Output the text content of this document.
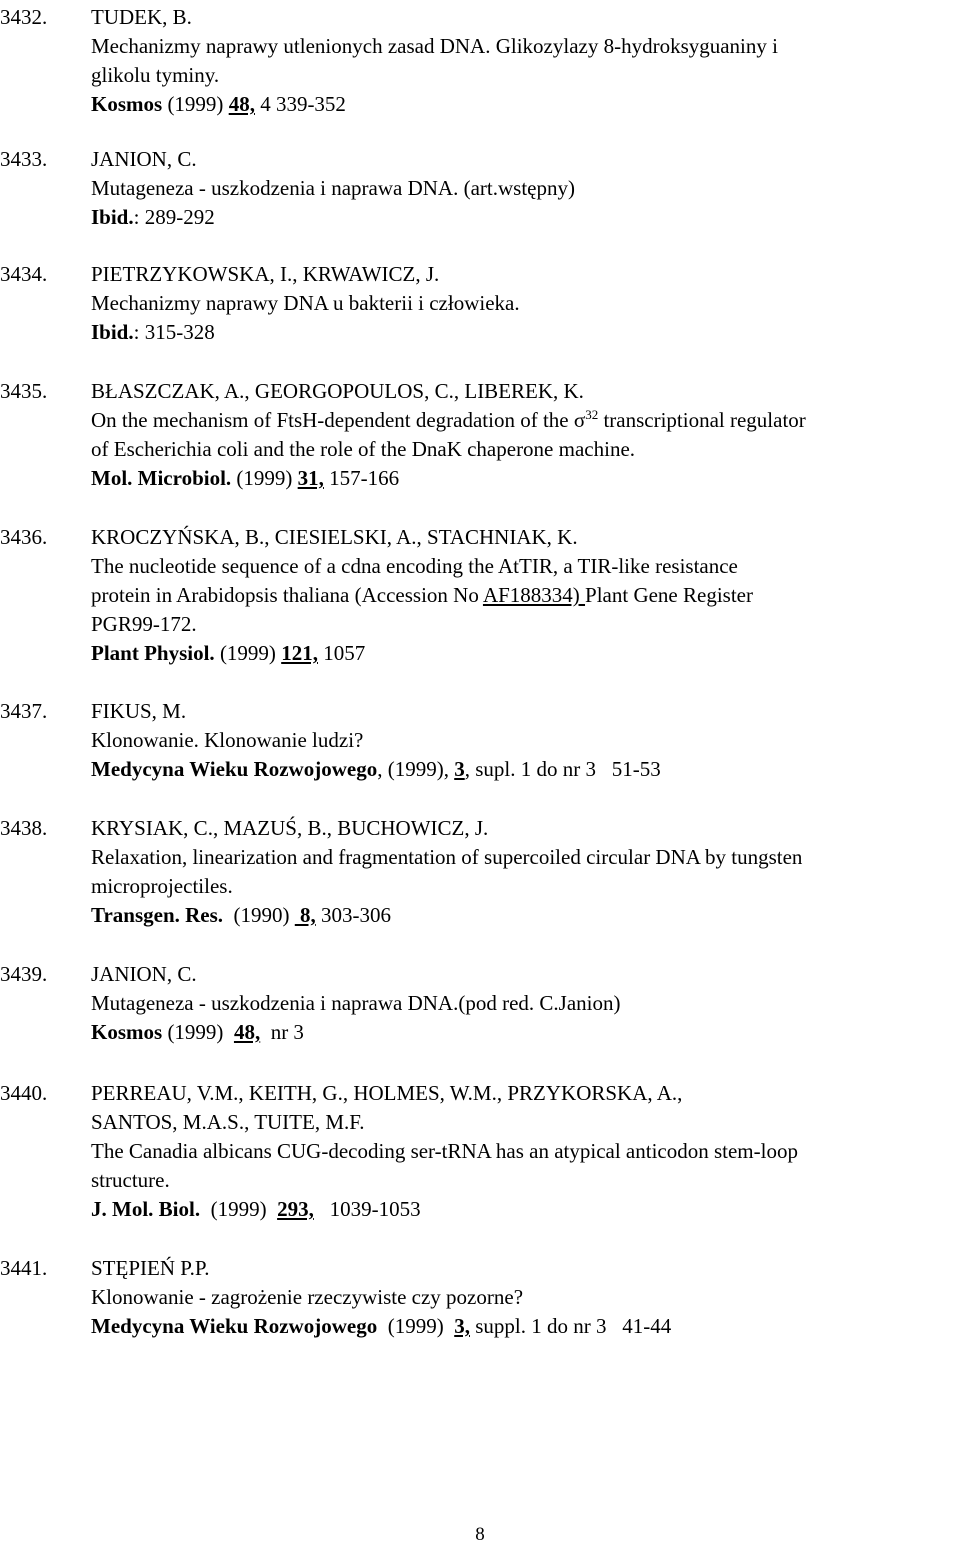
3432. TUDEK, B.
Mechanizmy naprawy utlenionych zasad DNA. Glikozylazy 8-hydroksyguaniny i
glikolu tyminy.
Kosmos (1999) 48, 4 339-352
3433. JANION, C.
Mutageneza - uszkodzenia i naprawa DNA. (art.wstępny)
Ibid.: 289-292
3434. PIETRZYKOWSKA, I., KRWAWICZ, J.
Mechanizmy naprawy DNA u bakterii i człowieka.
Ibid.: 315-328
3435. BŁASZCZAK, A., GEORGOPOULOS, C., LIBEREK, K.
On the mechanism of FtsH-dependent degradation of the $\sigma^{32}$ transcriptional regulator
of Escherichia coli and the role of the DnaK chaperone machine.
Mol. Microbiol. (1999) 31, 157-166
3436. KROCZYŃSKA, B., CIESIELSKI, A., STACHNIAK, K.
The nucleotide sequence of a cdna encoding the AtTIR, a TIR-like resistance
protein in Arabidopsis thaliana (Accession No AF188334) Plant Gene Register
PGR99-172.
Plant Physiol. (1999) 121, 1057
3437. FIKUS, M.
Klonowanie. Klonowanie ludzi?
Medycyna Wieku Rozwojowego, (1999), 3, supl. 1 do nr 3   51-53
3438. KRYSIAK, C., MAZUŚ, B., BUCHOWICZ, J.
Relaxation, linearization and fragmentation of supercoiled circular DNA by tungsten
microprojectiles.
Transgen. Res. (1990)  8, 303-306
3439. JANION, C.
Mutageneza - uszkodzenia i naprawa DNA.(pod red. C.Janion)
Kosmos (1999) 48, nr 3
3440. PERREAU, V.M., KEITH, G., HOLMES, W.M., PRZYKORSKA, A.,
SANTOS, M.A.S., TUITE, M.F.
The Canadia albicans CUG-decoding ser-tRNA has an atypical anticodon stem-loop
structure.
J. Mol. Biol. (1999) 293,   1039-1053
3441. STĘPIEŃ P.P.
Klonowanie - zagrożenie rzeczywiste czy pozorne?
Medycyna Wieku Rozwojowego (1999) 3, suppl. 1 do nr 3   41-44
8
